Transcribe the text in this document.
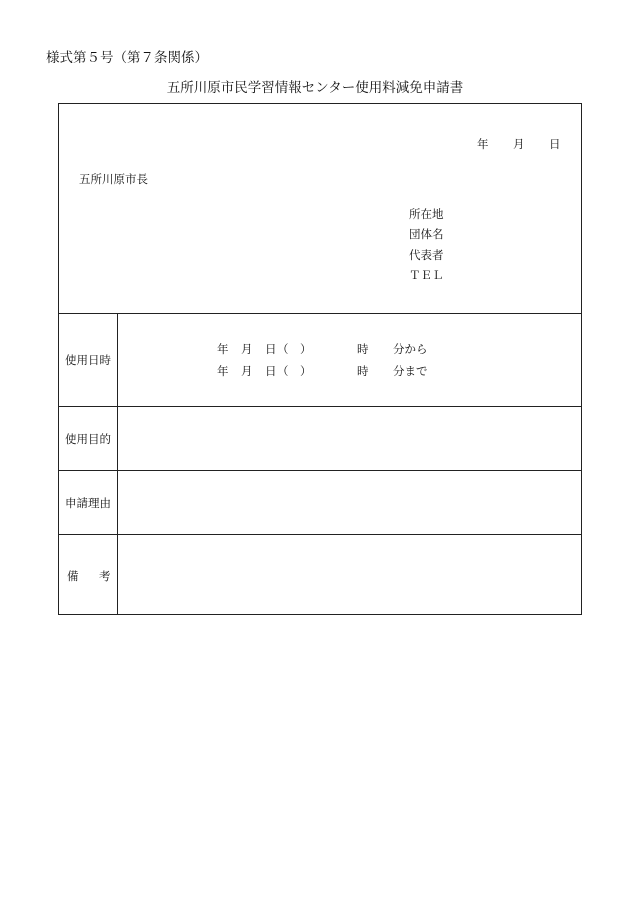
様式第５号（第７条関係）
五所川原市民学習情報センター使用料減免申請書
年 月 日
五所川原市長
所在地
団体名
代表者
ＴＥＬ
使用日時
年 月 日 （　）	時 分から
年 月 日 （　）	時 分まで
使用目的
申請理由
備 考
